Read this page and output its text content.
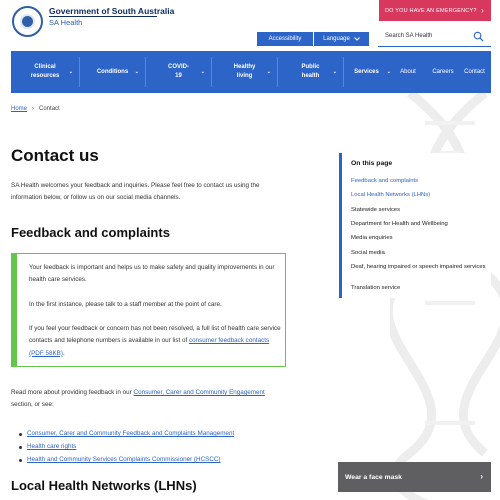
Government of South Australia
SA Health
DO YOU HAVE AN EMERGENCY? ›
Accessibility	Language	Search SA Health
Clinical resources
⌄	Conditions ⌄
COVID-19
⌄
Healthy living
⌄
Public health
⌄	Services ⌄ About	Careers Contact
Home › Contact
Contact us

SA Health welcomes your feedback and inquiries. Please feel free to contact us using the information below, or follow us on our social media channels.

Feedback and complaints

Your feedback is important and helps us to make safety and quality improvements in our health care services.

In the first instance, please talk to a staff member at the point of care.

If you feel your feedback or concern has not been resolved, a full list of health care service contacts and telephone numbers is available in our list of consumer feedback contacts (PDF 58KB).

Read more about providing feedback in our Consumer, Carer and Community Engagement section, or see:

Consumer, Carer and Community Feedback and Complaints Management
Health care rights
Health and Community Services Complaints Commissioner (HCSCC)
Local Health Networks (LHNs)
On this page
Feedback and complaints
Local Health Networks (LHNs)
Statewide services
Department for Health and Wellbeing
Media enquiries
Social media
Deaf, hearing impaired or speech impaired services
Translation service
Wear a face mask	›
